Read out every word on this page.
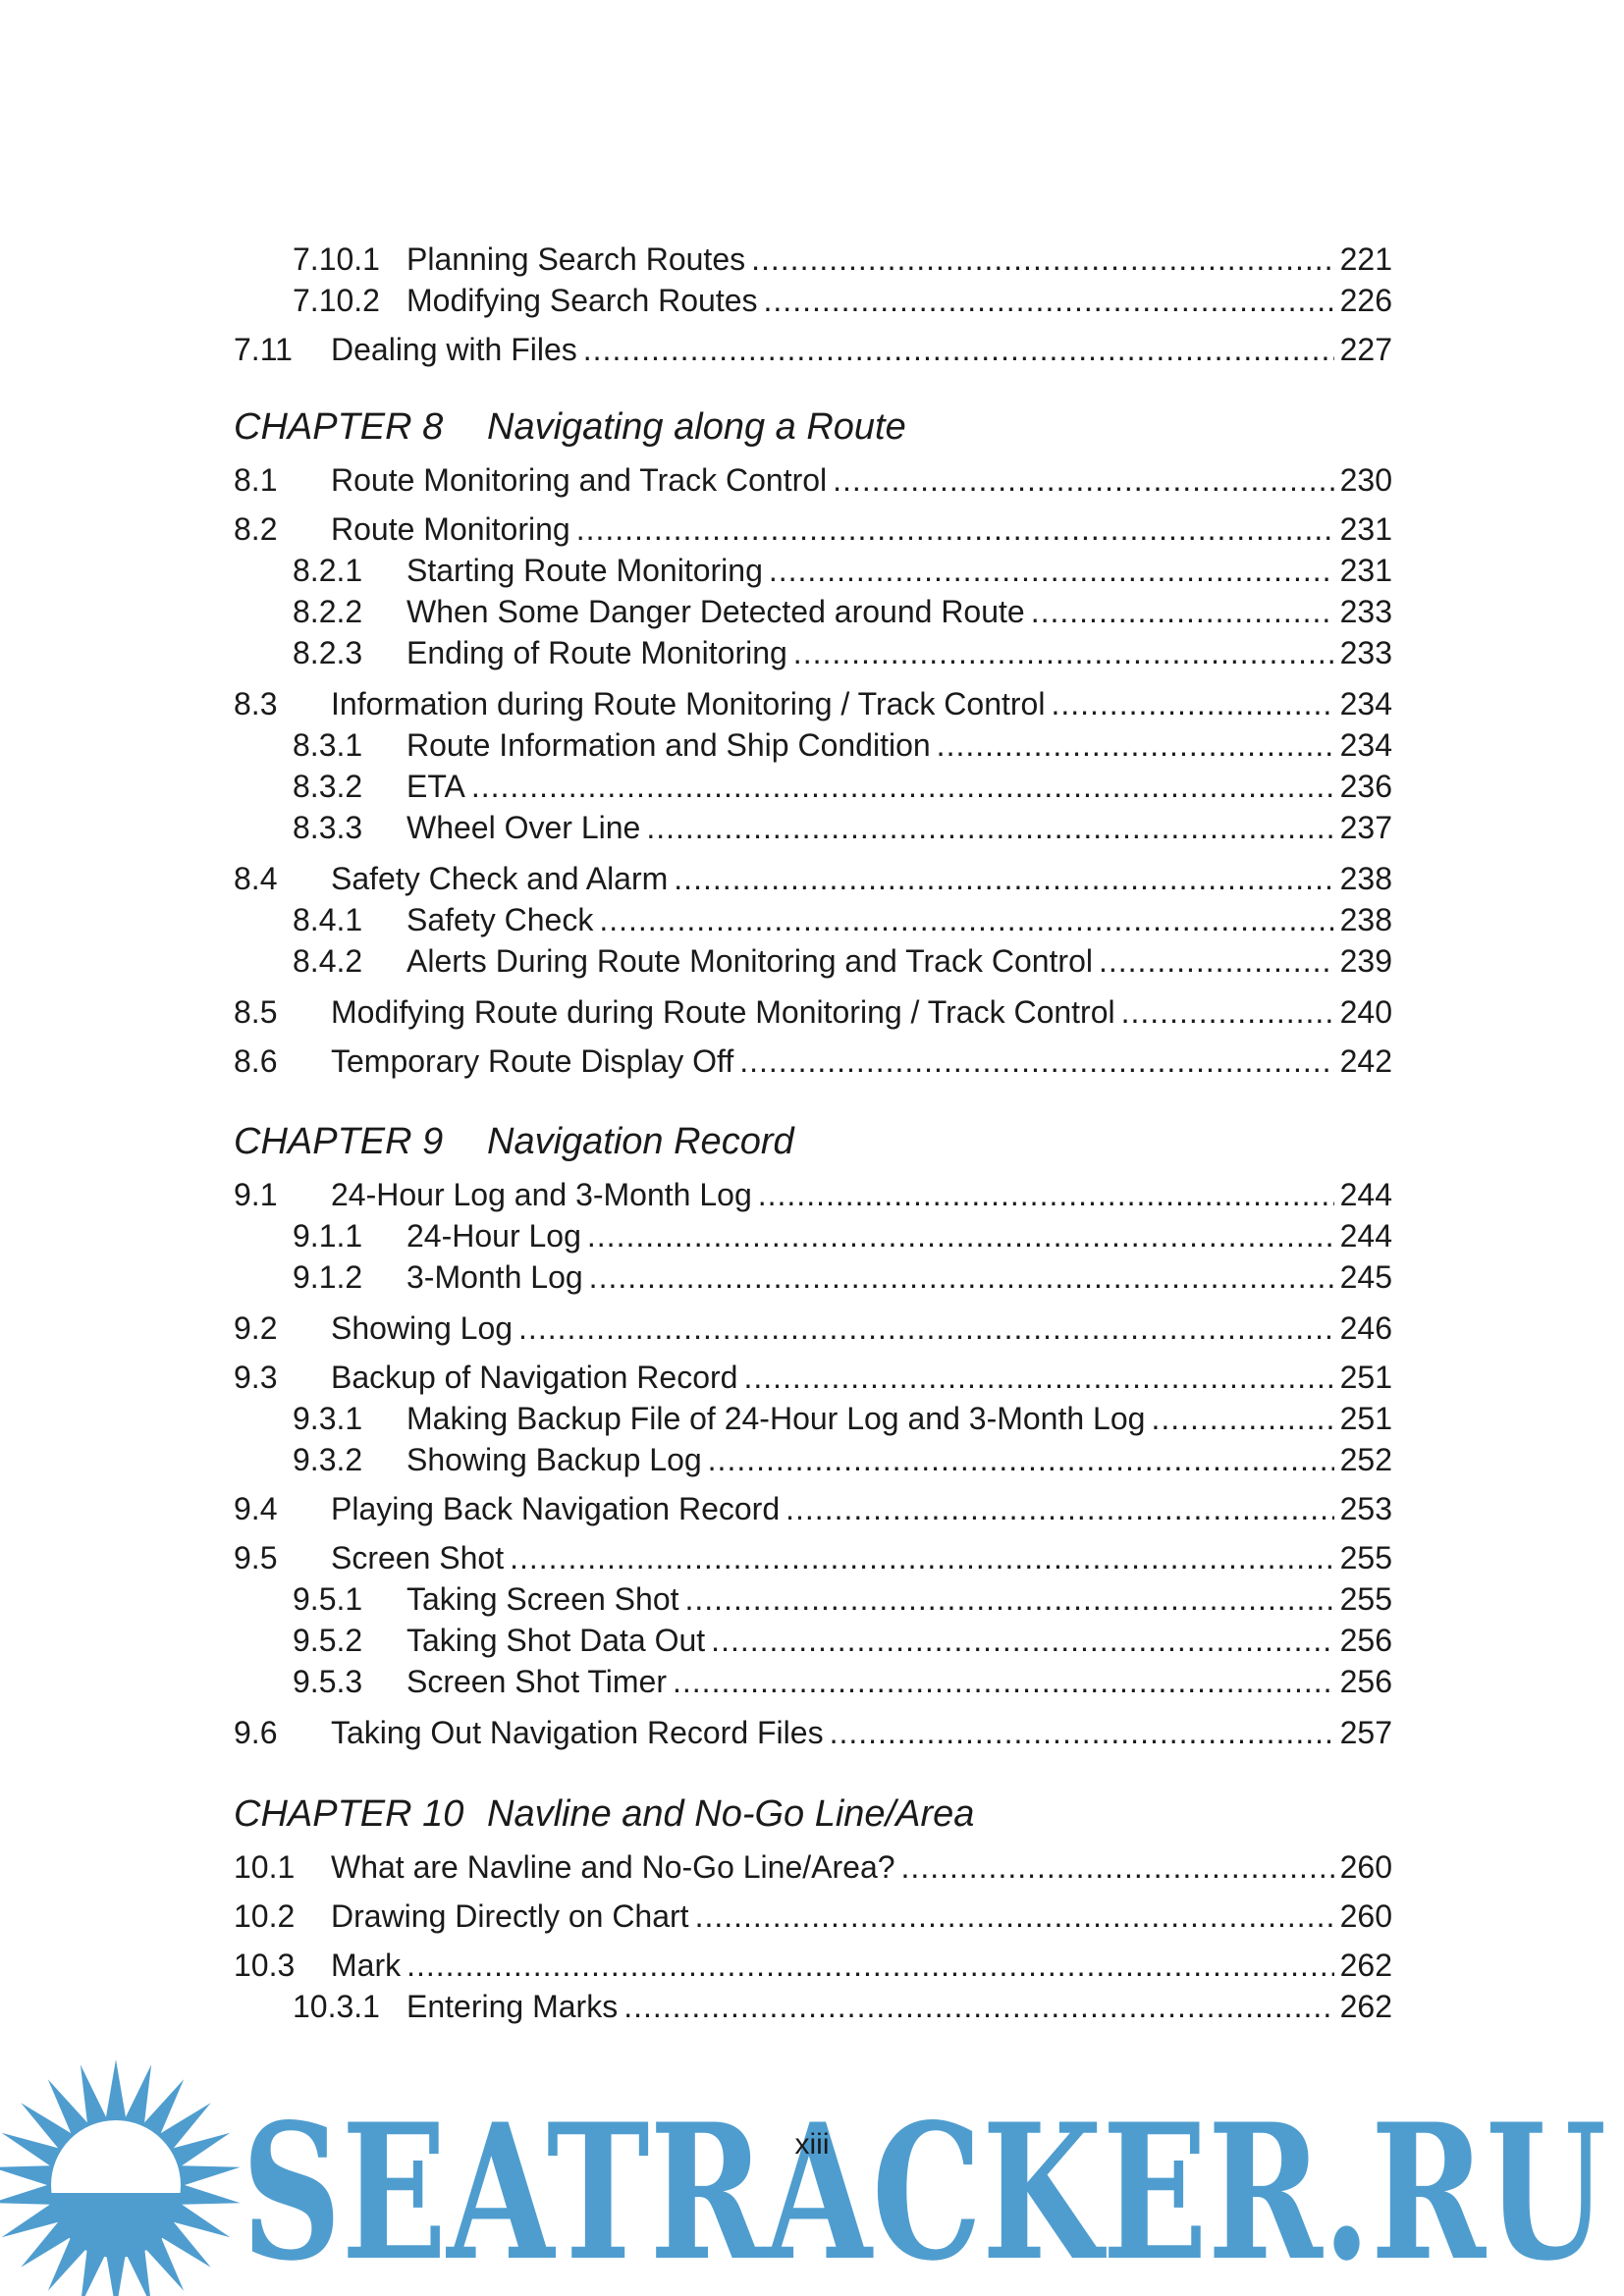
7.10.1 Planning Search Routes .....	221
7.10.2 Modifying Search Routes .....	226
7.11	Dealing with Files .....	227
CHAPTER 8 Navigating along a Route
8.1	Route Monitoring and Track Control .....	230
8.2	Route Monitoring .....	231
8.2.1	Starting Route Monitoring .....	231
8.2.2	When Some Danger Detected around Route .....	233
8.2.3	Ending of Route Monitoring .....	233
8.3	Information during Route Monitoring / Track Control .....	234
8.3.1	Route Information and Ship Condition .....	234
8.3.2	ETA .....	236
8.3.3	Wheel Over Line .....	237
8.4	Safety Check and Alarm .....	238
8.4.1	Safety Check .....	238
8.4.2	Alerts During Route Monitoring and Track Control .....	239
8.5	Modifying Route during Route Monitoring / Track Control .....	240
8.6	Temporary Route Display Off .....	242
CHAPTER 9 Navigation Record
9.1	24-Hour Log and 3-Month Log .....	244
9.1.1	24-Hour Log .....	244
9.1.2	3-Month Log .....	245
9.2	Showing Log .....	246
9.3	Backup of Navigation Record .....	251
9.3.1	Making Backup File of 24-Hour Log and 3-Month Log .....	251
9.3.2	Showing Backup Log .....	252
9.4	Playing Back Navigation Record .....	253
9.5	Screen Shot .....	255
9.5.1	Taking Screen Shot .....	255
9.5.2	Taking Shot Data Out .....	256
9.5.3	Screen Shot Timer .....	256
9.6	Taking Out Navigation Record Files .....	257
CHAPTER 10 Navline and No-Go Line/Area
10.1	What are Navline and No-Go Line/Area? .....	260
10.2	Drawing Directly on Chart .....	260
10.3	Mark .....	262
10.3.1 Entering Marks .....	262
SEATRACKER.RU
xiii
